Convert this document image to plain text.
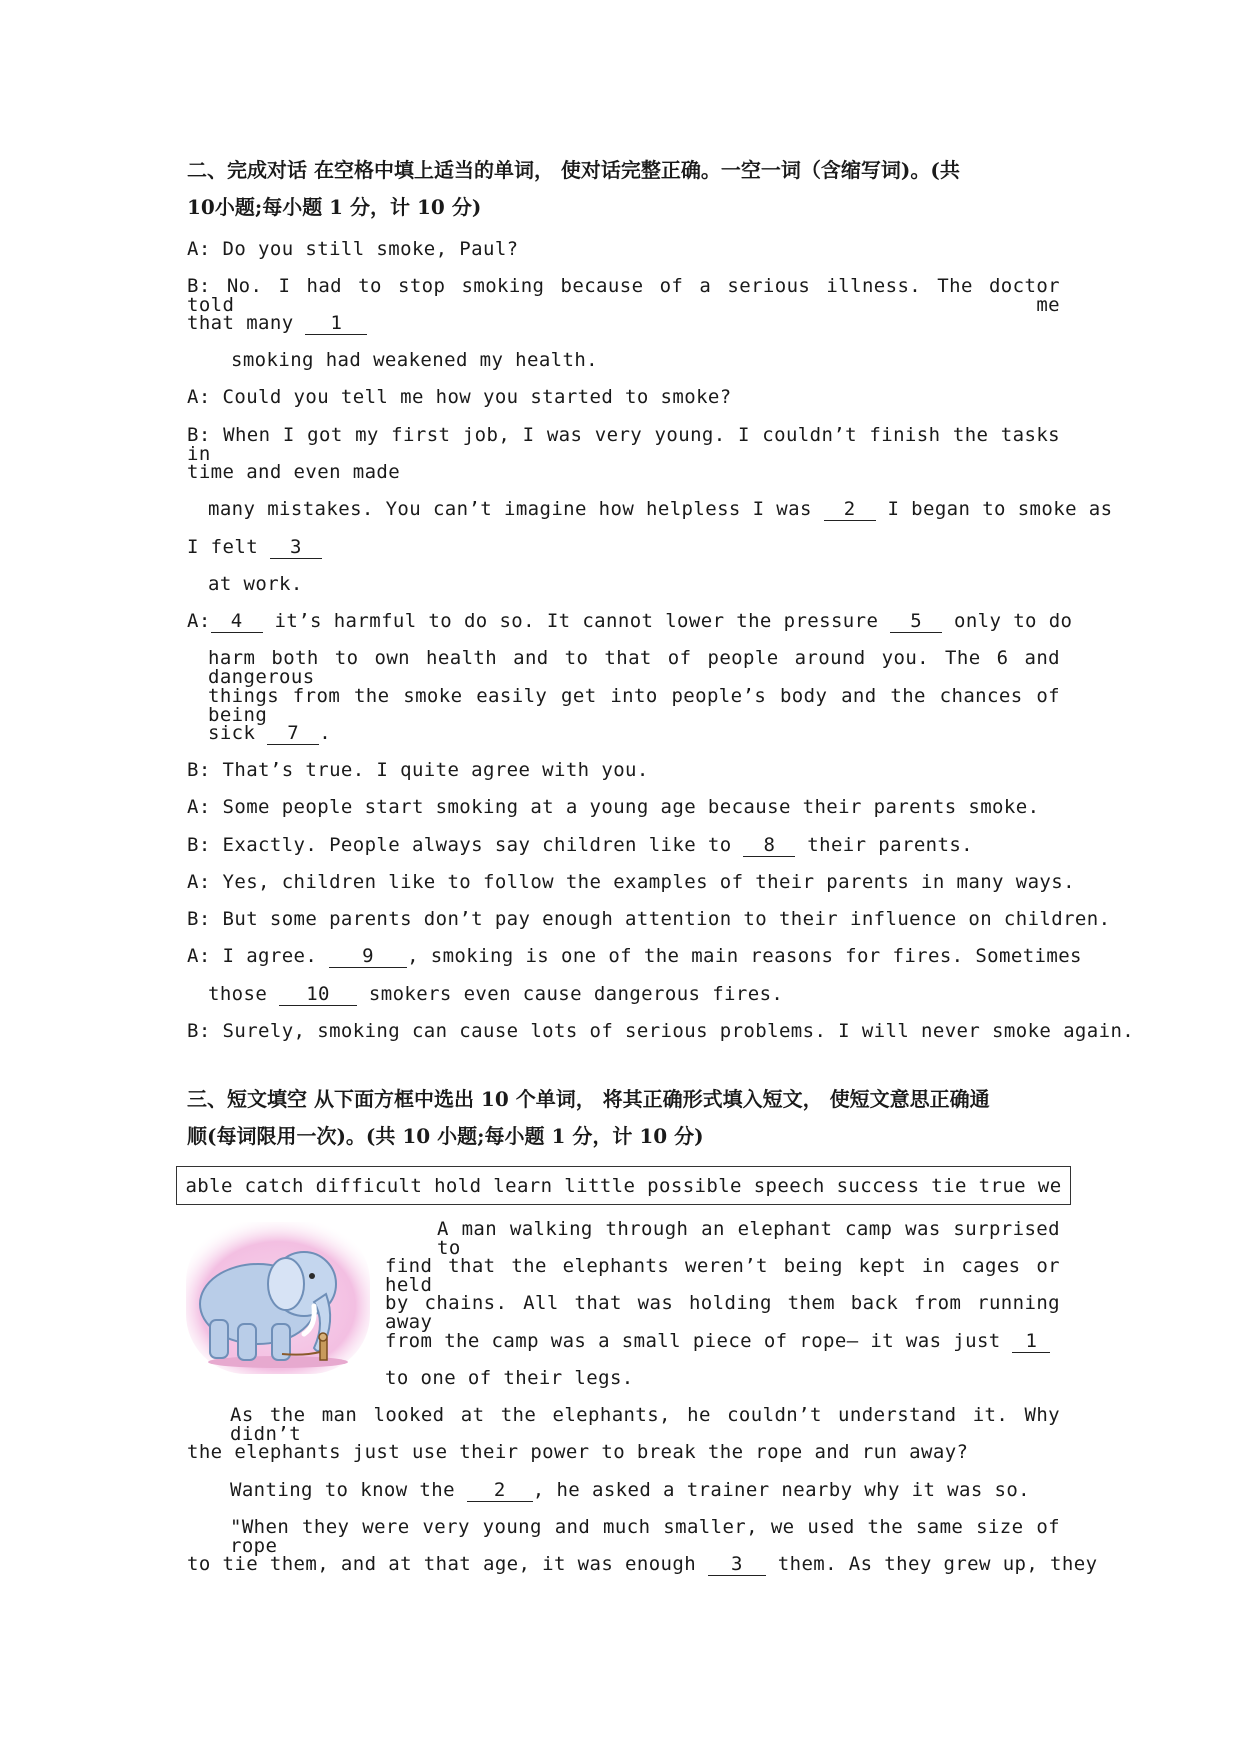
二、完成对话 在空格中填上适当的单词， 使对话完整正确。一空一词（含缩写词)。(共
10小题;每小题 1 分，计 10 分)
A: Do you still smoke, Paul?
B: No. I had to stop smoking because of a serious illness. The doctor told me
that many 1
smoking had weakened my health.
A: Could you tell me how you started to smoke?
B: When I got my first job, I was very young. I couldn’t finish the tasks in
time and even made
many mistakes. You can’t imagine how helpless I was 2 I began to smoke as
I felt 3
at work.
A: 4 it’s harmful to do so. It cannot lower the pressure 5 only to do
harm both to own health and to that of people around you. The 6 and dangerous
things from the smoke easily get into people’s body and the chances of being
sick 7 .
B: That’s true. I quite agree with you.
A: Some people start smoking at a young age because their parents smoke.
B: Exactly. People always say children like to 8 their parents.
A: Yes, children like to follow the examples of their parents in many ways.
B: But some parents don’t pay enough attention to their influence on children.
A: I agree. 9 , smoking is one of the main reasons for fires. Sometimes
those 10 smokers even cause dangerous fires.
B: Surely, smoking can cause lots of serious problems. I will never smoke again.
三、短文填空 从下面方框中选出 10 个单词， 将其正确形式填入短文， 使短文意思正确通
顺(每词限用一次)。(共 10 小题;每小题 1 分，计 10 分)
able catch difficult hold learn little possible speech success tie true we
A man walking through an elephant camp was surprised to
find that the elephants weren’t being kept in cages or held
by chains. All that was holding them back from running away
from the camp was a small piece of rope— it was just 1
to one of their legs.
As the man looked at the elephants, he couldn’t understand it. Why didn’t
the elephants just use their power to break the rope and run away?
Wanting to know the 2 , he asked a trainer nearby why it was so.
"When they were very young and much smaller, we used the same size of rope
to tie them, and at that age, it was enough 3 them. As they grew up, they
